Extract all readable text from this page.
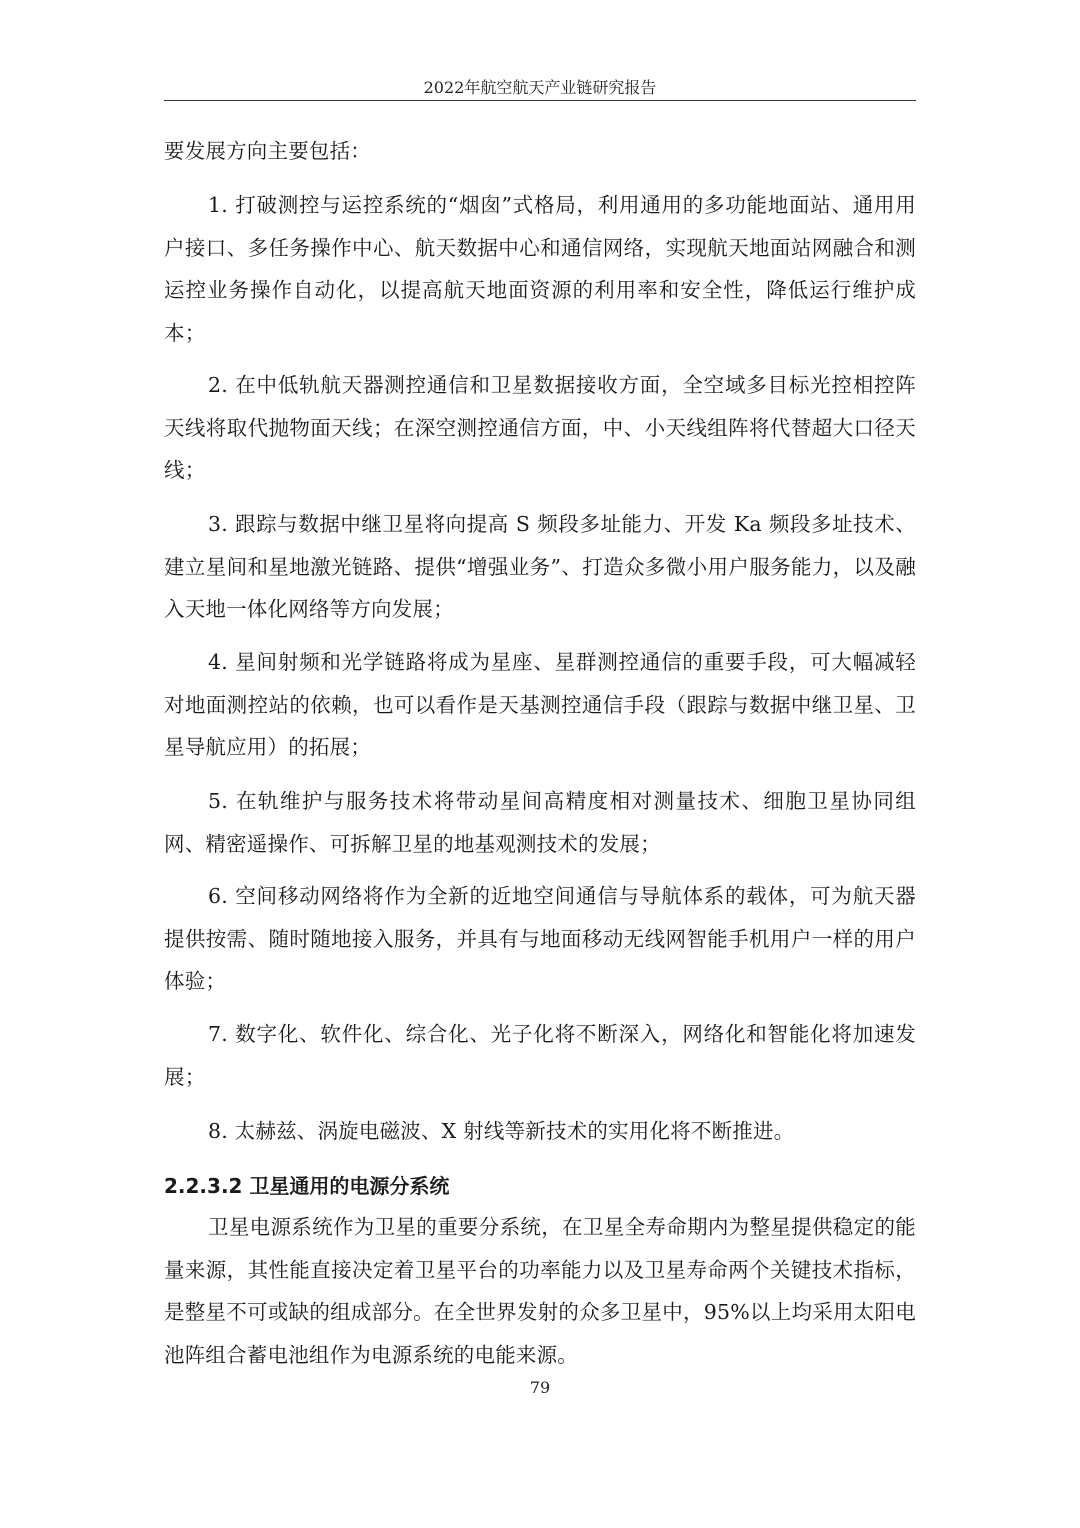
2022年航空航天产业链研究报告

要发展方向主要包括：

1. 打破测控与运控系统的“烟囱”式格局，利用通用的多功能地面站、通用用户接口、多任务操作中心、航天数据中心和通信网络，实现航天地面站网融合和测运控业务操作自动化，以提高航天地面资源的利用率和安全性，降低运行维护成本；

2. 在中低轨航天器测控通信和卫星数据接收方面，全空域多目标光控相控阵天线将取代抛物面天线；在深空测控通信方面，中、小天线组阵将代替超大口径天线；

3. 跟踪与数据中继卫星将向提高 S 频段多址能力、开发 Ka 频段多址技术、建立星间和星地激光链路、提供“增强业务”、打造众多微小用户服务能力，以及融入天地一体化网络等方向发展；

4. 星间射频和光学链路将成为星座、星群测控通信的重要手段，可大幅减轻对地面测控站的依赖，也可以看作是天基测控通信手段（跟踪与数据中继卫星、卫星导航应用）的拓展；

5. 在轨维护与服务技术将带动星间高精度相对测量技术、细胞卫星协同组网、精密遥操作、可拆解卫星的地基观测技术的发展；

6. 空间移动网络将作为全新的近地空间通信与导航体系的载体，可为航天器提供按需、随时随地接入服务，并具有与地面移动无线网智能手机用户一样的用户体验；

7. 数字化、软件化、综合化、光子化将不断深入，网络化和智能化将加速发展；

8. 太赫兹、涡旋电磁波、X 射线等新技术的实用化将不断推进。

2.2.3.2 卫星通用的电源分系统

卫星电源系统作为卫星的重要分系统，在卫星全寿命期内为整星提供稳定的能量来源，其性能直接决定着卫星平台的功率能力以及卫星寿命两个关键技术指标，是整星不可或缺的组成部分。在全世界发射的众多卫星中，95%以上均采用太阳电池阵组合蓄电池组作为电源系统的电能来源。

79
